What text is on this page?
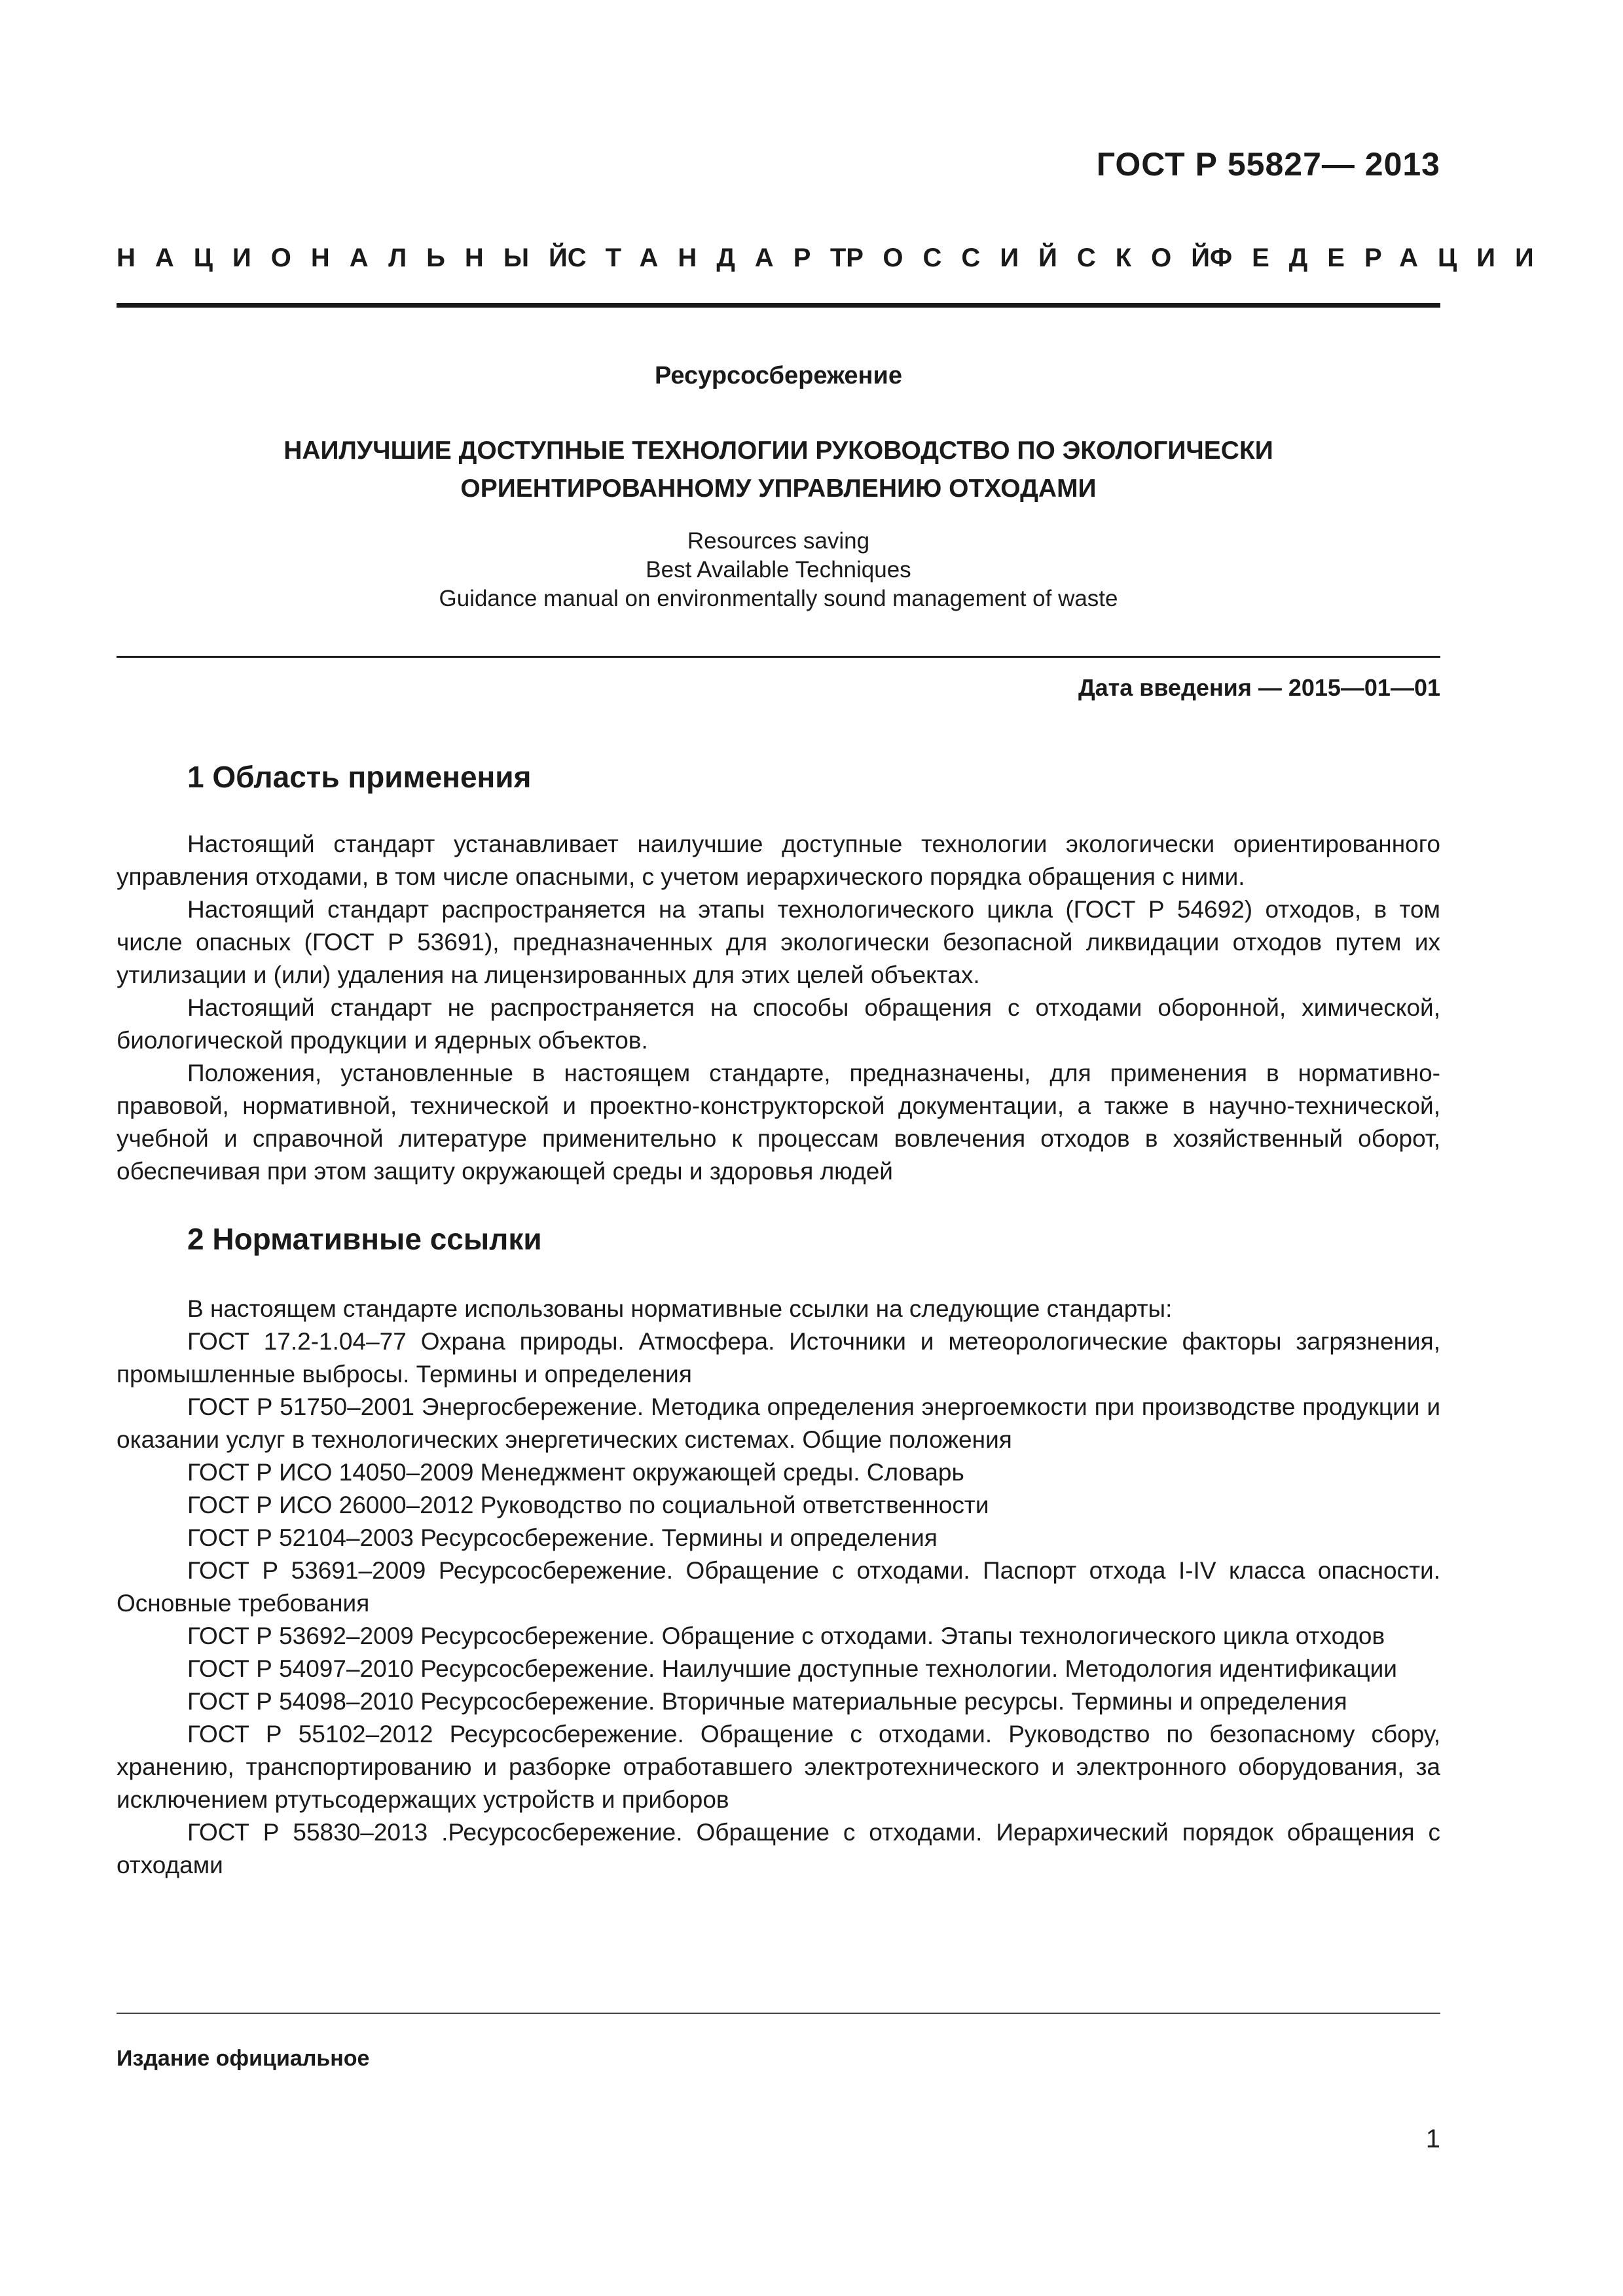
ГОСТ Р 55827— 2013
НАЦИОНАЛЬНЫЙ
СТАНДАРТ
РОССИЙСКОЙ
ФЕДЕРАЦИИ
Ресурсосбережение
НАИЛУЧШИЕ ДОСТУПНЫЕ ТЕХНОЛОГИИ РУКОВОДСТВО ПО ЭКОЛОГИЧЕСКИ
ОРИЕНТИРОВАННОМУ УПРАВЛЕНИЮ ОТХОДАМИ
Resources saving
Best Available Techniques
Guidance manual on environmentally sound management of waste
Дата введения — 2015—01—01
1 Область применения

Настоящий стандарт устанавливает наилучшие доступные технологии экологически ориентированного управления отходами, в том числе опасными, с учетом иерархического порядка обращения с ними.

Настоящий стандарт распространяется на этапы технологического цикла (ГОСТ Р 54692) отходов, в том числе опасных (ГОСТ Р 53691), предназначенных для экологически безопасной ликвидации отходов путем их утилизации и (или) удаления на лицензированных для этих целей объектах.

Настоящий стандарт не распространяется на способы обращения с отходами оборонной, химической, биологической продукции и ядерных объектов.

Положения, установленные в настоящем стандарте, предназначены, для применения в нормативно-правовой, нормативной, технической и проектно-конструкторской документации, а также в научно-технической, учебной и справочной литературе применительно к процессам вовлечения отходов в хозяйственный оборот, обеспечивая при этом защиту окружающей среды и здоровья людей

2 Нормативные ссылки

В настоящем стандарте использованы нормативные ссылки на следующие стандарты:

ГОСТ 17.2-1.04–77 Охрана природы. Атмосфера. Источники и метеорологические факторы загрязнения, промышленные выбросы. Термины и определения

ГОСТ Р 51750–2001 Энергосбережение. Методика определения энергоемкости при производстве продукции и оказании услуг в технологических энергетических системах. Общие положения

ГОСТ Р ИСО 14050–2009 Менеджмент окружающей среды. Словарь

ГОСТ Р ИСО 26000–2012 Руководство по социальной ответственности

ГОСТ Р 52104–2003 Ресурсосбережение. Термины и определения

ГОСТ Р 53691–2009 Ресурсосбережение. Обращение с отходами. Паспорт отхода I-IV класса опасности. Основные требования

ГОСТ Р 53692–2009 Ресурсосбережение. Обращение с отходами. Этапы технологического цикла отходов

ГОСТ Р 54097–2010 Ресурсосбережение. Наилучшие доступные технологии. Методология идентификации

ГОСТ Р 54098–2010 Ресурсосбережение. Вторичные материальные ресурсы. Термины и определения

ГОСТ Р 55102–2012 Ресурсосбережение. Обращение с отходами. Руководство по безопасному сбору, хранению, транспортированию и разборке отработавшего электротехнического и электронного оборудования, за исключением ртутьсодержащих устройств и приборов

ГОСТ Р 55830–2013 .Ресурсосбережение. Обращение с отходами. Иерархический порядок обращения с отходами

Издание официальное
1
